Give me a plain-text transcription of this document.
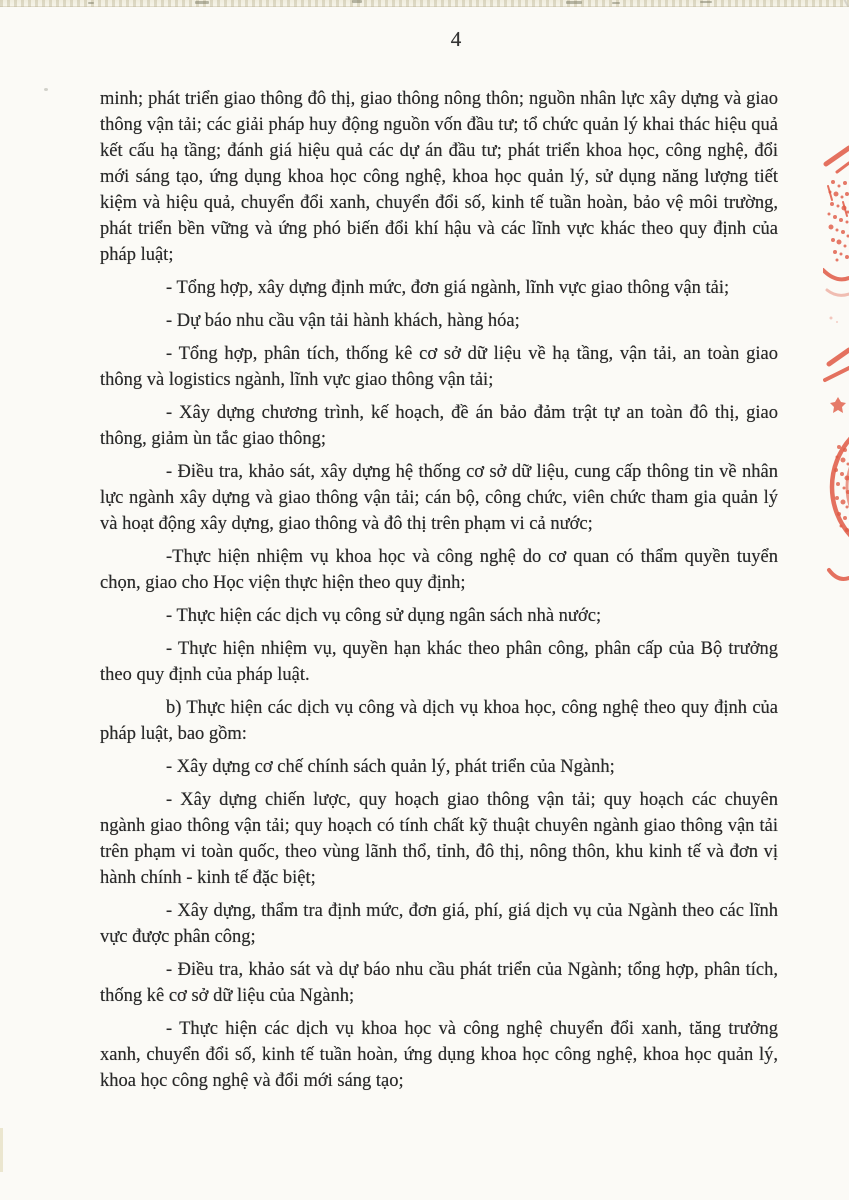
4

minh; phát triển giao thông đô thị, giao thông nông thôn; nguồn nhân lực xây dựng và giao thông vận tải; các giải pháp huy động nguồn vốn đầu tư; tổ chức quản lý khai thác hiệu quả kết cấu hạ tầng; đánh giá hiệu quả các dự án đầu tư; phát triển khoa học, công nghệ, đổi mới sáng tạo, ứng dụng khoa học công nghệ, khoa học quản lý, sử dụng năng lượng tiết kiệm và hiệu quả, chuyển đổi xanh, chuyển đổi số, kinh tế tuần hoàn, bảo vệ môi trường, phát triển bền vững và ứng phó biến đổi khí hậu và các lĩnh vực khác theo quy định của pháp luật;

- Tổng hợp, xây dựng định mức, đơn giá ngành, lĩnh vực giao thông vận tải;

- Dự báo nhu cầu vận tải hành khách, hàng hóa;

- Tổng hợp, phân tích, thống kê cơ sở dữ liệu về hạ tầng, vận tải, an toàn giao thông và logistics ngành, lĩnh vực giao thông vận tải;

- Xây dựng chương trình, kế hoạch, đề án bảo đảm trật tự an toàn đô thị, giao thông, giảm ùn tắc giao thông;

- Điều tra, khảo sát, xây dựng hệ thống cơ sở dữ liệu, cung cấp thông tin về nhân lực ngành xây dựng và giao thông vận tải; cán bộ, công chức, viên chức tham gia quản lý và hoạt động xây dựng, giao thông và đô thị trên phạm vi cả nước;

-Thực hiện nhiệm vụ khoa học và công nghệ do cơ quan có thẩm quyền tuyển chọn, giao cho Học viện thực hiện theo quy định;

- Thực hiện các dịch vụ công sử dụng ngân sách nhà nước;

- Thực hiện nhiệm vụ, quyền hạn khác theo phân công, phân cấp của Bộ trưởng theo quy định của pháp luật.

b) Thực hiện các dịch vụ công và dịch vụ khoa học, công nghệ theo quy định của pháp luật, bao gồm:

- Xây dựng cơ chế chính sách quản lý, phát triển của Ngành;

- Xây dựng chiến lược, quy hoạch giao thông vận tải; quy hoạch các chuyên ngành giao thông vận tải; quy hoạch có tính chất kỹ thuật chuyên ngành giao thông vận tải trên phạm vi toàn quốc, theo vùng lãnh thổ, tỉnh, đô thị, nông thôn, khu kinh tế và đơn vị hành chính - kinh tế đặc biệt;

- Xây dựng, thẩm tra định mức, đơn giá, phí, giá dịch vụ của Ngành theo các lĩnh vực được phân công;

- Điều tra, khảo sát và dự báo nhu cầu phát triển của Ngành; tổng hợp, phân tích, thống kê cơ sở dữ liệu của Ngành;

- Thực hiện các dịch vụ khoa học và công nghệ chuyển đổi xanh, tăng trưởng xanh, chuyển đổi số, kinh tế tuần hoàn, ứng dụng khoa học công nghệ, khoa học quản lý, khoa học công nghệ và đổi mới sáng tạo;
